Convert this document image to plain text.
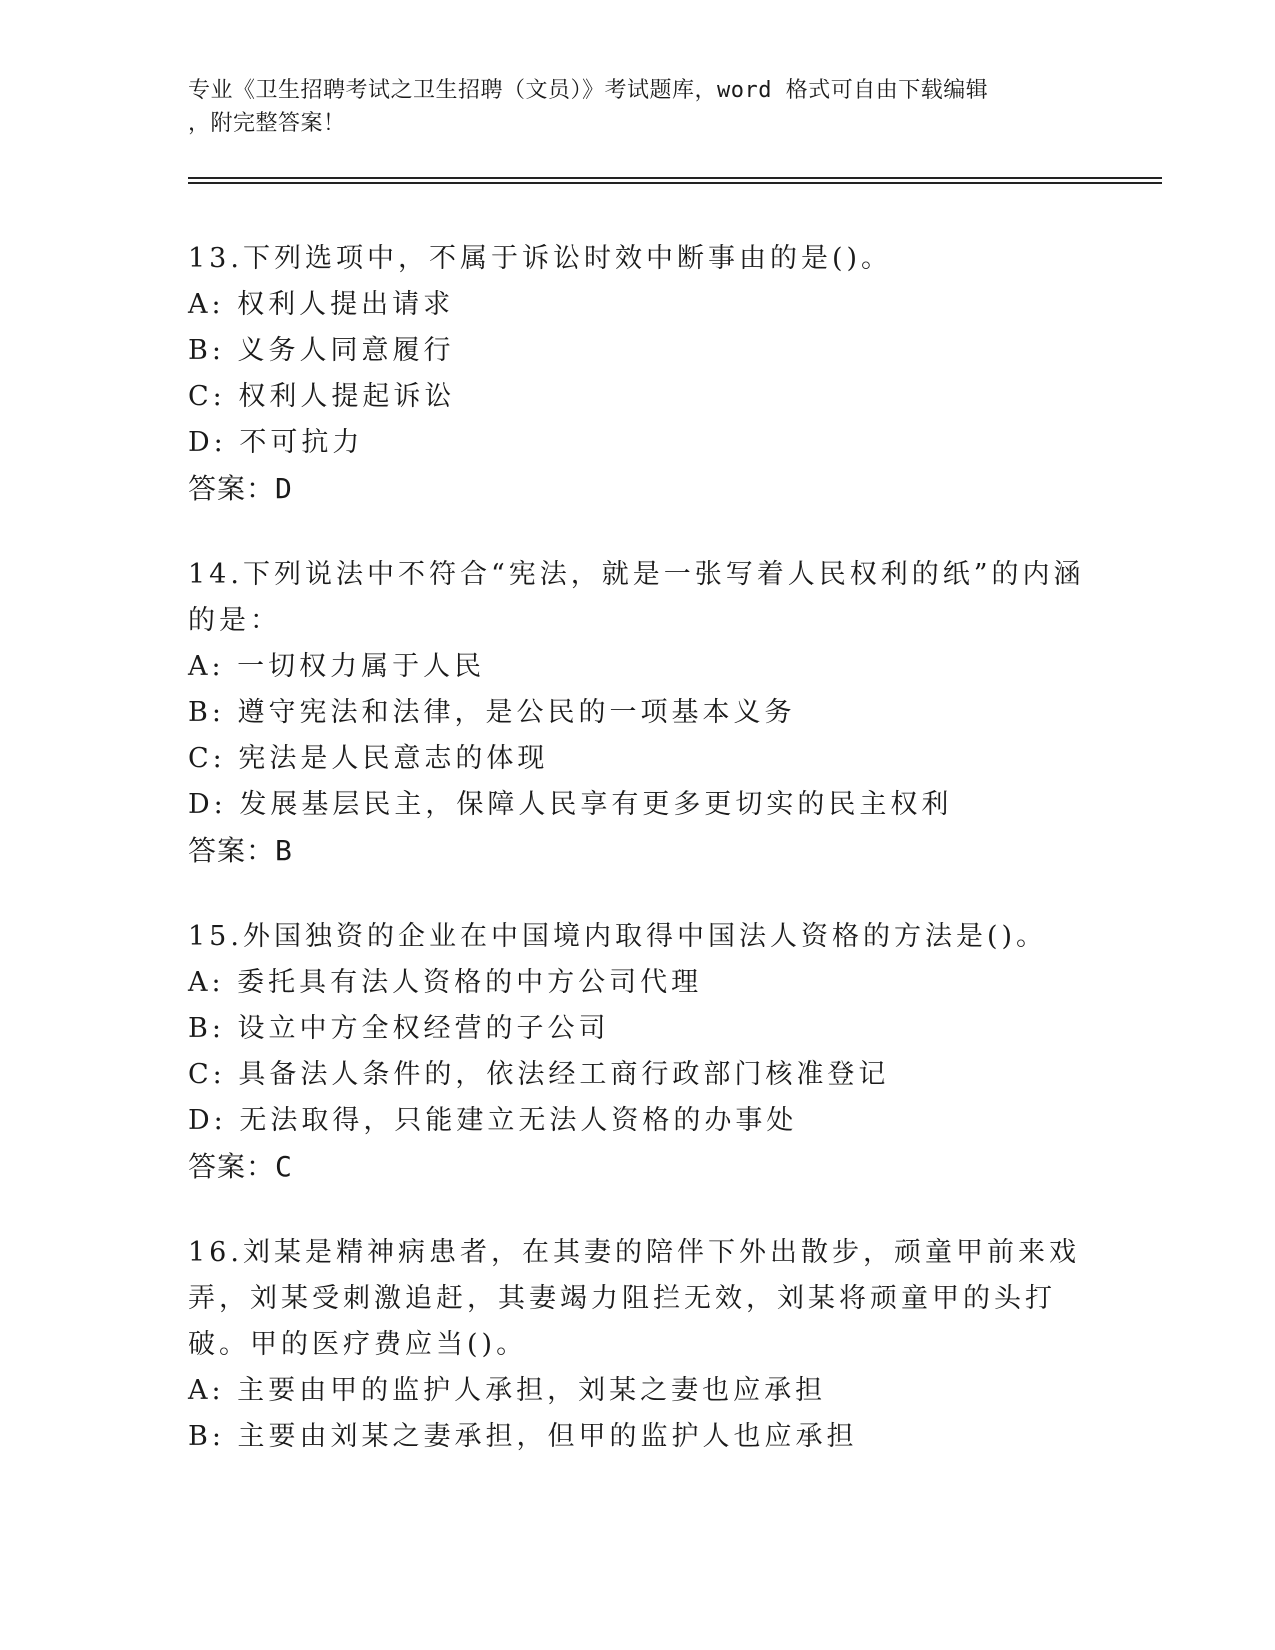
专业《卫生招聘考试之卫生招聘（文员）》考试题库，word 格式可自由下载编辑
，附完整答案！
13.下列选项中，不属于诉讼时效中断事由的是()。
A: 权利人提出请求
B: 义务人同意履行
C: 权利人提起诉讼
D: 不可抗力
答案：D
14.下列说法中不符合“宪法，就是一张写着人民权利的纸”的内涵的是：
A: 一切权力属于人民
B: 遵守宪法和法律，是公民的一项基本义务
C: 宪法是人民意志的体现
D: 发展基层民主，保障人民享有更多更切实的民主权利
答案：B
15.外国独资的企业在中国境内取得中国法人资格的方法是()。
A: 委托具有法人资格的中方公司代理
B: 设立中方全权经营的子公司
C: 具备法人条件的，依法经工商行政部门核准登记
D: 无法取得，只能建立无法人资格的办事处
答案：C
16.刘某是精神病患者，在其妻的陪伴下外出散步，顽童甲前来戏弄，刘某受刺激追赶，其妻竭力阻拦无效，刘某将顽童甲的头打破。甲的医疗费应当()。
A: 主要由甲的监护人承担，刘某之妻也应承担
B: 主要由刘某之妻承担，但甲的监护人也应承担
